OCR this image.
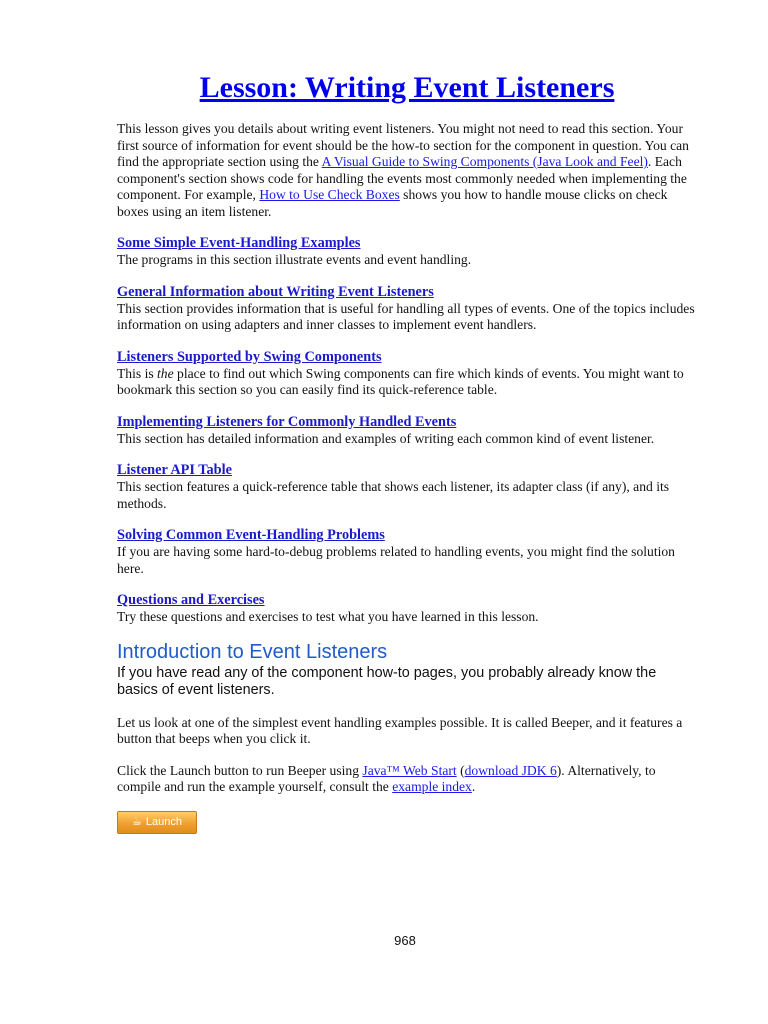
Lesson: Writing Event Listeners

This lesson gives you details about writing event listeners. You might not need to read this section. Your first source of information for event should be the how-to section for the component in question. You can find the appropriate section using the A Visual Guide to Swing Components (Java Look and Feel). Each component's section shows code for handling the events most commonly needed when implementing the component. For example, How to Use Check Boxes shows you how to handle mouse clicks on check boxes using an item listener.

Some Simple Event-Handling Examples

The programs in this section illustrate events and event handling.

General Information about Writing Event Listeners

This section provides information that is useful for handling all types of events. One of the topics includes information on using adapters and inner classes to implement event handlers.

Listeners Supported by Swing Components

This is the place to find out which Swing components can fire which kinds of events. You might want to bookmark this section so you can easily find its quick-reference table.

Implementing Listeners for Commonly Handled Events

This section has detailed information and examples of writing each common kind of event listener.

Listener API Table

This section features a quick-reference table that shows each listener, its adapter class (if any), and its methods.

Solving Common Event-Handling Problems

If you are having some hard-to-debug problems related to handling events, you might find the solution here.

Questions and Exercises

Try these questions and exercises to test what you have learned in this lesson.

Introduction to Event Listeners

If you have read any of the component how-to pages, you probably already know the basics of event listeners.

Let us look at one of the simplest event handling examples possible. It is called Beeper, and it features a button that beeps when you click it.

Click the Launch button to run Beeper using Java™ Web Start (download JDK 6). Alternatively, to compile and run the example yourself, consult the example index.

☕ Launch
968
